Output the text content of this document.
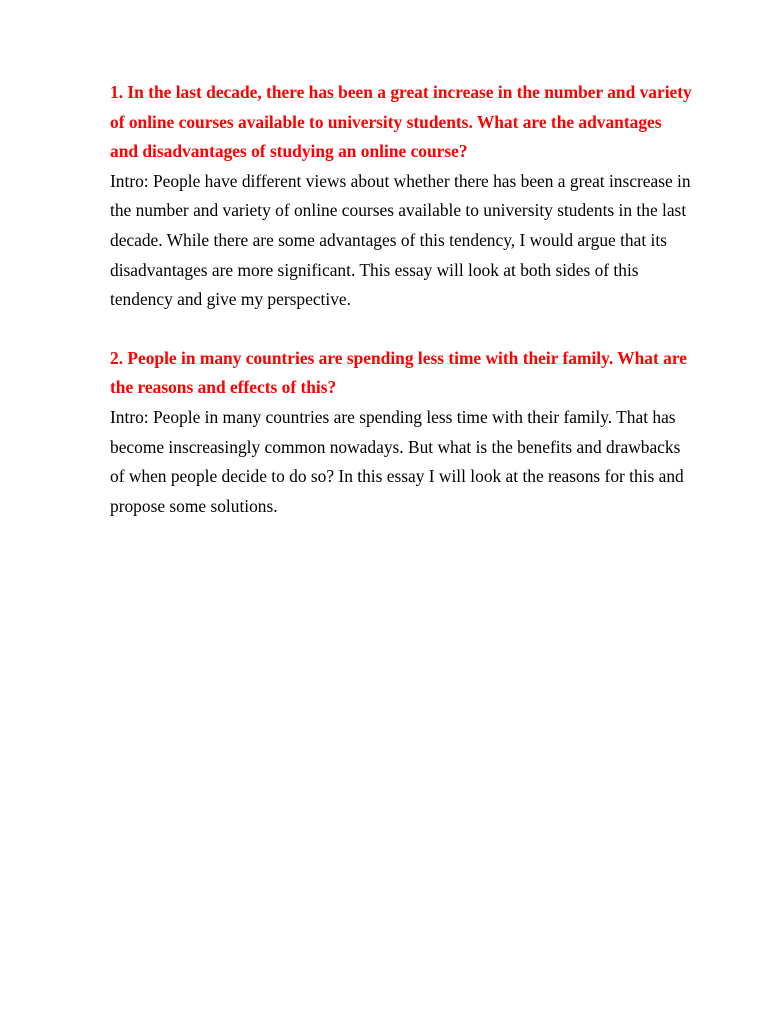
1. In the last decade, there has been a great increase in the number and variety of online courses available to university students. What are the advantages and disadvantages of studying an online course?

Intro: People have different views about whether there has been a great inscrease in the number and variety of online courses available to university students in the last decade. While there are some advantages of this tendency, I would argue that its disadvantages are more significant. This essay will look at both sides of this tendency and give my perspective.

2. People in many countries are spending less time with their family. What are the reasons and effects of this?

Intro: People in many countries are spending less time with their family. That has become inscreasingly common nowadays. But what is the benefits and drawbacks of when people decide to do so? In this essay I will look at the reasons for this and propose some solutions.
